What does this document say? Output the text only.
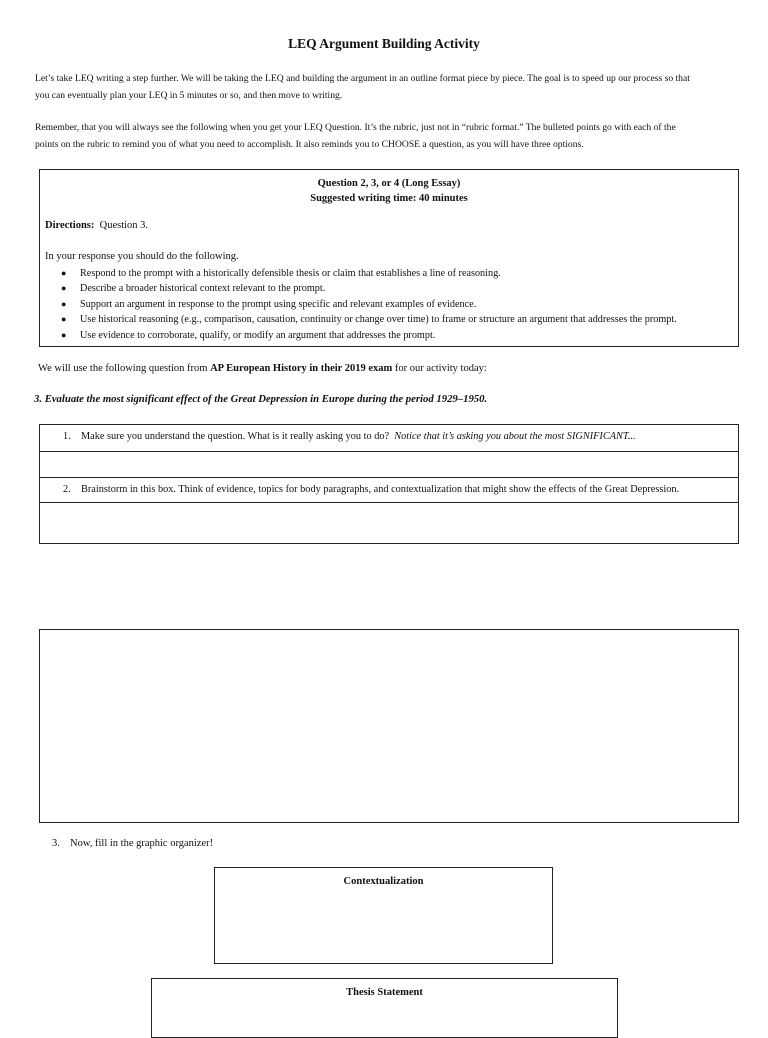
LEQ Argument Building Activity
Let’s take LEQ writing a step further. We will be taking the LEQ and building the argument in an outline format piece by piece. The goal is to speed up our process so that
you can eventually plan your LEQ in 5 minutes or so, and then move to writing.
Remember, that you will always see the following when you get your LEQ Question. It’s the rubric, just not in “rubric format.” The bulleted points go with each of the
points on the rubric to remind you of what you need to accomplish. It also reminds you to CHOOSE a question, as you will have three options.
Question 2, 3, or 4 (Long Essay)
Suggested writing time: 40 minutes
Directions: Question 3.
In your response you should do the following.
● Respond to the prompt with a historically defensible thesis or claim that establishes a line of reasoning.
● Describe a broader historical context relevant to the prompt.
● Support an argument in response to the prompt using specific and relevant examples of evidence.
● Use historical reasoning (e.g., comparison, causation, continuity or change over time) to frame or structure an argument that addresses the prompt.
● Use evidence to corroborate, qualify, or modify an argument that addresses the prompt.
We will use the following question from AP European History in their 2019 exam for our activity today:
3. Evaluate the most significant effect of the Great Depression in Europe during the period 1929–1950.
1. Make sure you understand the question. What is it really asking you to do? Notice that it’s asking you about the most SIGNIFICANT...
2. Brainstorm in this box. Think of evidence, topics for body paragraphs, and contextualization that might show the effects of the Great Depression.
3. Now, fill in the graphic organizer!
Contextualization
Thesis Statement
